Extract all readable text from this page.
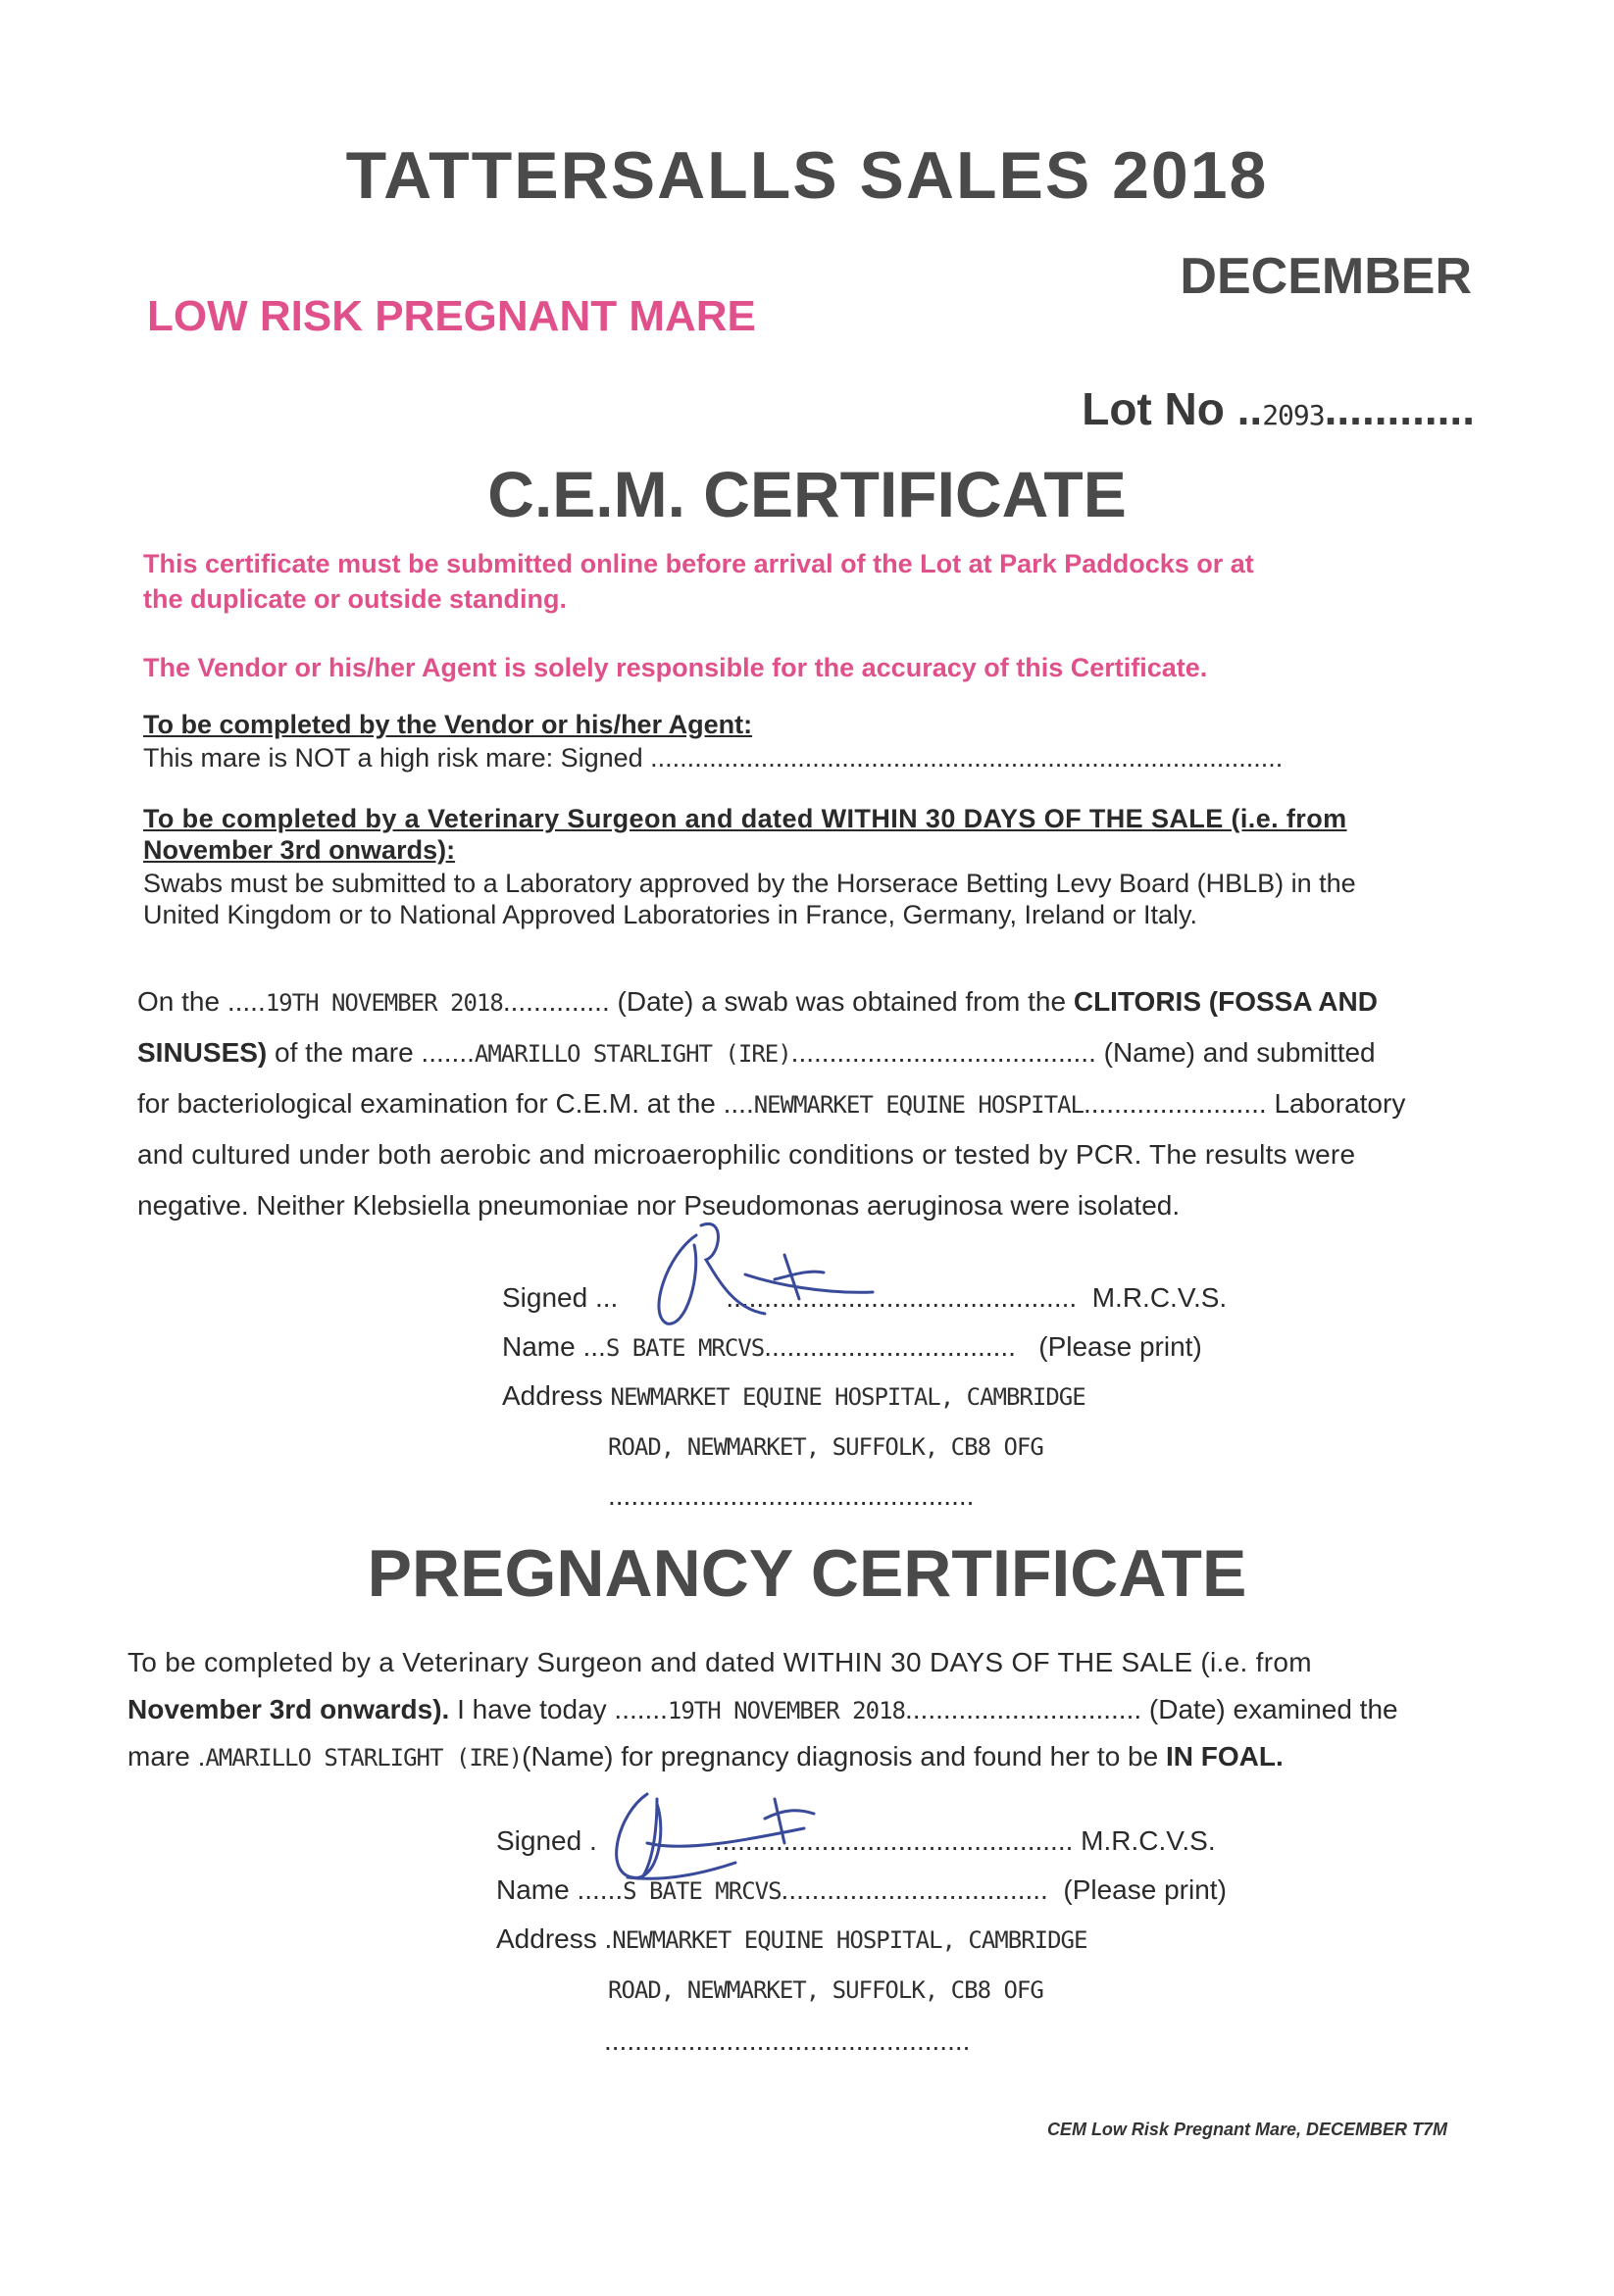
TATTERSALLS SALES 2018
DECEMBER
LOW RISK PREGNANT MARE
Lot No ..2093............
C.E.M. CERTIFICATE
This certificate must be submitted online before arrival of the Lot at Park Paddocks or at
the duplicate or outside standing.
The Vendor or his/her Agent is solely responsible for the accuracy of this Certificate.
To be completed by the Vendor or his/her Agent:
This mare is NOT a high risk mare: Signed ......................................................................................
To be completed by a Veterinary Surgeon and dated WITHIN 30 DAYS OF THE SALE (i.e. from
November 3rd onwards):
Swabs must be submitted to a Laboratory approved by the Horserace Betting Levy Board (HBLB) in the
United Kingdom or to National Approved Laboratories in France, Germany, Ireland or Italy.
On the .....19TH NOVEMBER 2018.............. (Date) a swab was obtained from the CLITORIS (FOSSA AND
SINUSES) of the mare .......AMARILLO STARLIGHT (IRE)........................................ (Name) and submitted
for bacteriological examination for C.E.M. at the ....NEWMARKET EQUINE HOSPITAL........................ Laboratory
and cultured under both aerobic and microaerophilic conditions or tested by PCR. The results were
negative. Neither Klebsiella pneumoniae nor Pseudomonas aeruginosa were isolated.
Signed ...	.............................................. M.R.C.V.S.
Name ...S BATE MRCVS................................. (Please print)
Address NEWMARKET EQUINE HOSPITAL, CAMBRIDGE
ROAD, NEWMARKET, SUFFOLK, CB8 OFG
................................................
PREGNANCY CERTIFICATE
To be completed by a Veterinary Surgeon and dated WITHIN 30 DAYS OF THE SALE (i.e. from
November 3rd onwards). I have today .......19TH NOVEMBER 2018............................... (Date) examined the
mare .AMARILLO STARLIGHT (IRE)(Name) for pregnancy diagnosis and found her to be IN FOAL.
Signed .	............................................... M.R.C.V.S.
Name ......S BATE MRCVS................................... (Please print)
Address .NEWMARKET EQUINE HOSPITAL, CAMBRIDGE
ROAD, NEWMARKET, SUFFOLK, CB8 OFG
................................................
CEM Low Risk Pregnant Mare, DECEMBER T7M
